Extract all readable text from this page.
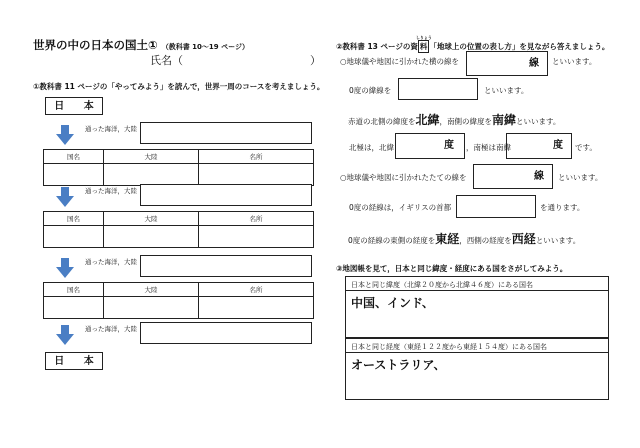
世界の中の日本の国土① （教科書 10～19 ページ）
氏名（	）
①教科書 11 ページの「やってみよう」を読んで，世界一周のコースを考えましょう。
日 本
通った海洋，大陸
国名	大陸	名所

通った海洋，大陸
国名	大陸	名所

通った海洋，大陸
国名	大陸	名所

通った海洋，大陸
日 本
②教科書 13 ページの資
しりょう
料 「地球上の位置の表し方」を見ながら答えましょう。
○地球儀や地図に引かれた横の線を	線	といいます。
0度の緯線を	といいます。
赤道の北側の緯度を北緯，南側の緯度を南緯といいます。
北極は，北緯	度	，南極は南緯	度	です。
○地球儀や地図に引かれたたての線を	線	といいます。
0度の経線は，イギリスの首都	を通ります。
0度の経線の東側の経度を東経，西側の経度を西経といいます。
③地図帳を見て，日本と同じ緯度・経度にある国をさがしてみよう。
日本と同じ緯度（北緯２０度から北緯４６度）にある国名
中国、インド、
日本と同じ経度（東経１２２度から東経１５４度）にある国名
オーストラリア、
